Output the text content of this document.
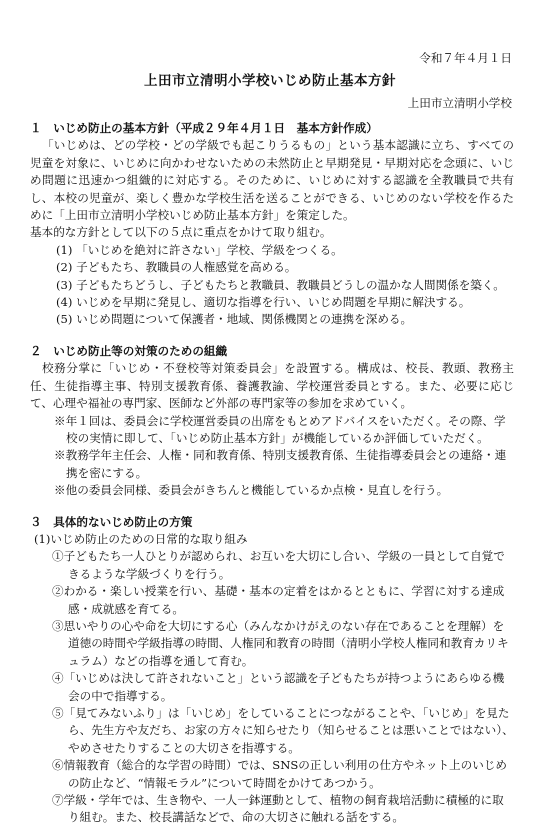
令和７年４月１日
上田市立清明小学校いじめ防止基本方針
上田市立清明小学校
１　いじめ防止の基本方針（平成２９年４月１日　基本方針作成）

「いじめは、どの学校・どの学級でも起こりうるもの」という基本認識に立ち、すべての児童を対象に、いじめに向かわせないための未然防止と早期発見・早期対応を念頭に、いじめ問題に迅速かつ組織的に対応する。そのために、いじめに対する認識を全教職員で共有し、本校の児童が、楽しく豊かな学校生活を送ることができる、いじめのない学校を作るために「上田市立清明小学校いじめ防止基本方針」を策定した。

基本的な方針として以下の５点に重点をかけて取り組む。

(1) 「いじめを絶対に許さない」学校、学級をつくる。

(2) 子どもたち、教職員の人権感覚を高める。

(3) 子どもたちどうし、子どもたちと教職員、教職員どうしの温かな人間関係を築く。

(4) いじめを早期に発見し、適切な指導を行い、いじめ問題を早期に解決する。

(5) いじめ問題について保護者・地域、関係機関との連携を深める。

２　いじめ防止等の対策のための組織

校務分掌に「いじめ・不登校等対策委員会」を設置する。構成は、校長、教頭、教務主任、生徒指導主事、特別支援教育係、養護教諭、学校運営委員とする。また、必要に応じて、心理や福祉の専門家、医師など外部の専門家等の参加を求めていく。

※年１回は、委員会に学校運営委員の出席をもとめアドバイスをいただく。その際、学校の実情に即して、「いじめ防止基本方針」が機能しているか評価していただく。

※教務学年主任会、人権・同和教育係、特別支援教育係、生徒指導委員会との連絡・連携を密にする。

※他の委員会同様、委員会がきちんと機能しているか点検・見直しを行う。

３　具体的ないじめ防止の方策

(1)いじめ防止のための日常的な取り組み

①子どもたち一人ひとりが認められ、お互いを大切にし合い、学級の一員として自覚できるような学級づくりを行う。

②わかる・楽しい授業を行い、基礎・基本の定着をはかるとともに、学習に対する達成感・成就感を育てる。

③思いやりの心や命を大切にする心（みんなかけがえのない存在であることを理解）を道徳の時間や学級指導の時間、人権同和教育の時間（清明小学校人権同和教育カリキュラム）などの指導を通して育む。

④「いじめは決して許されないこと」という認識を子どもたちが持つようにあらゆる機会の中で指導する。

⑤「見てみないふり」は「いじめ」をしていることにつながることや、「いじめ」を見たら、先生方や友だち、お家の方々に知らせたり（知らせることは悪いことではない）、やめさせたりすることの大切さを指導する。

⑥情報教育（総合的な学習の時間）では、SNSの正しい利用の仕方やネット上のいじめの防止など、“情報モラル”について時間をかけてあつかう。

⑦学級・学年では、生き物や、一人一鉢運動として、植物の飼育栽培活動に積極的に取り組む。また、校長講話などで、命の大切さに触れる話をする。
